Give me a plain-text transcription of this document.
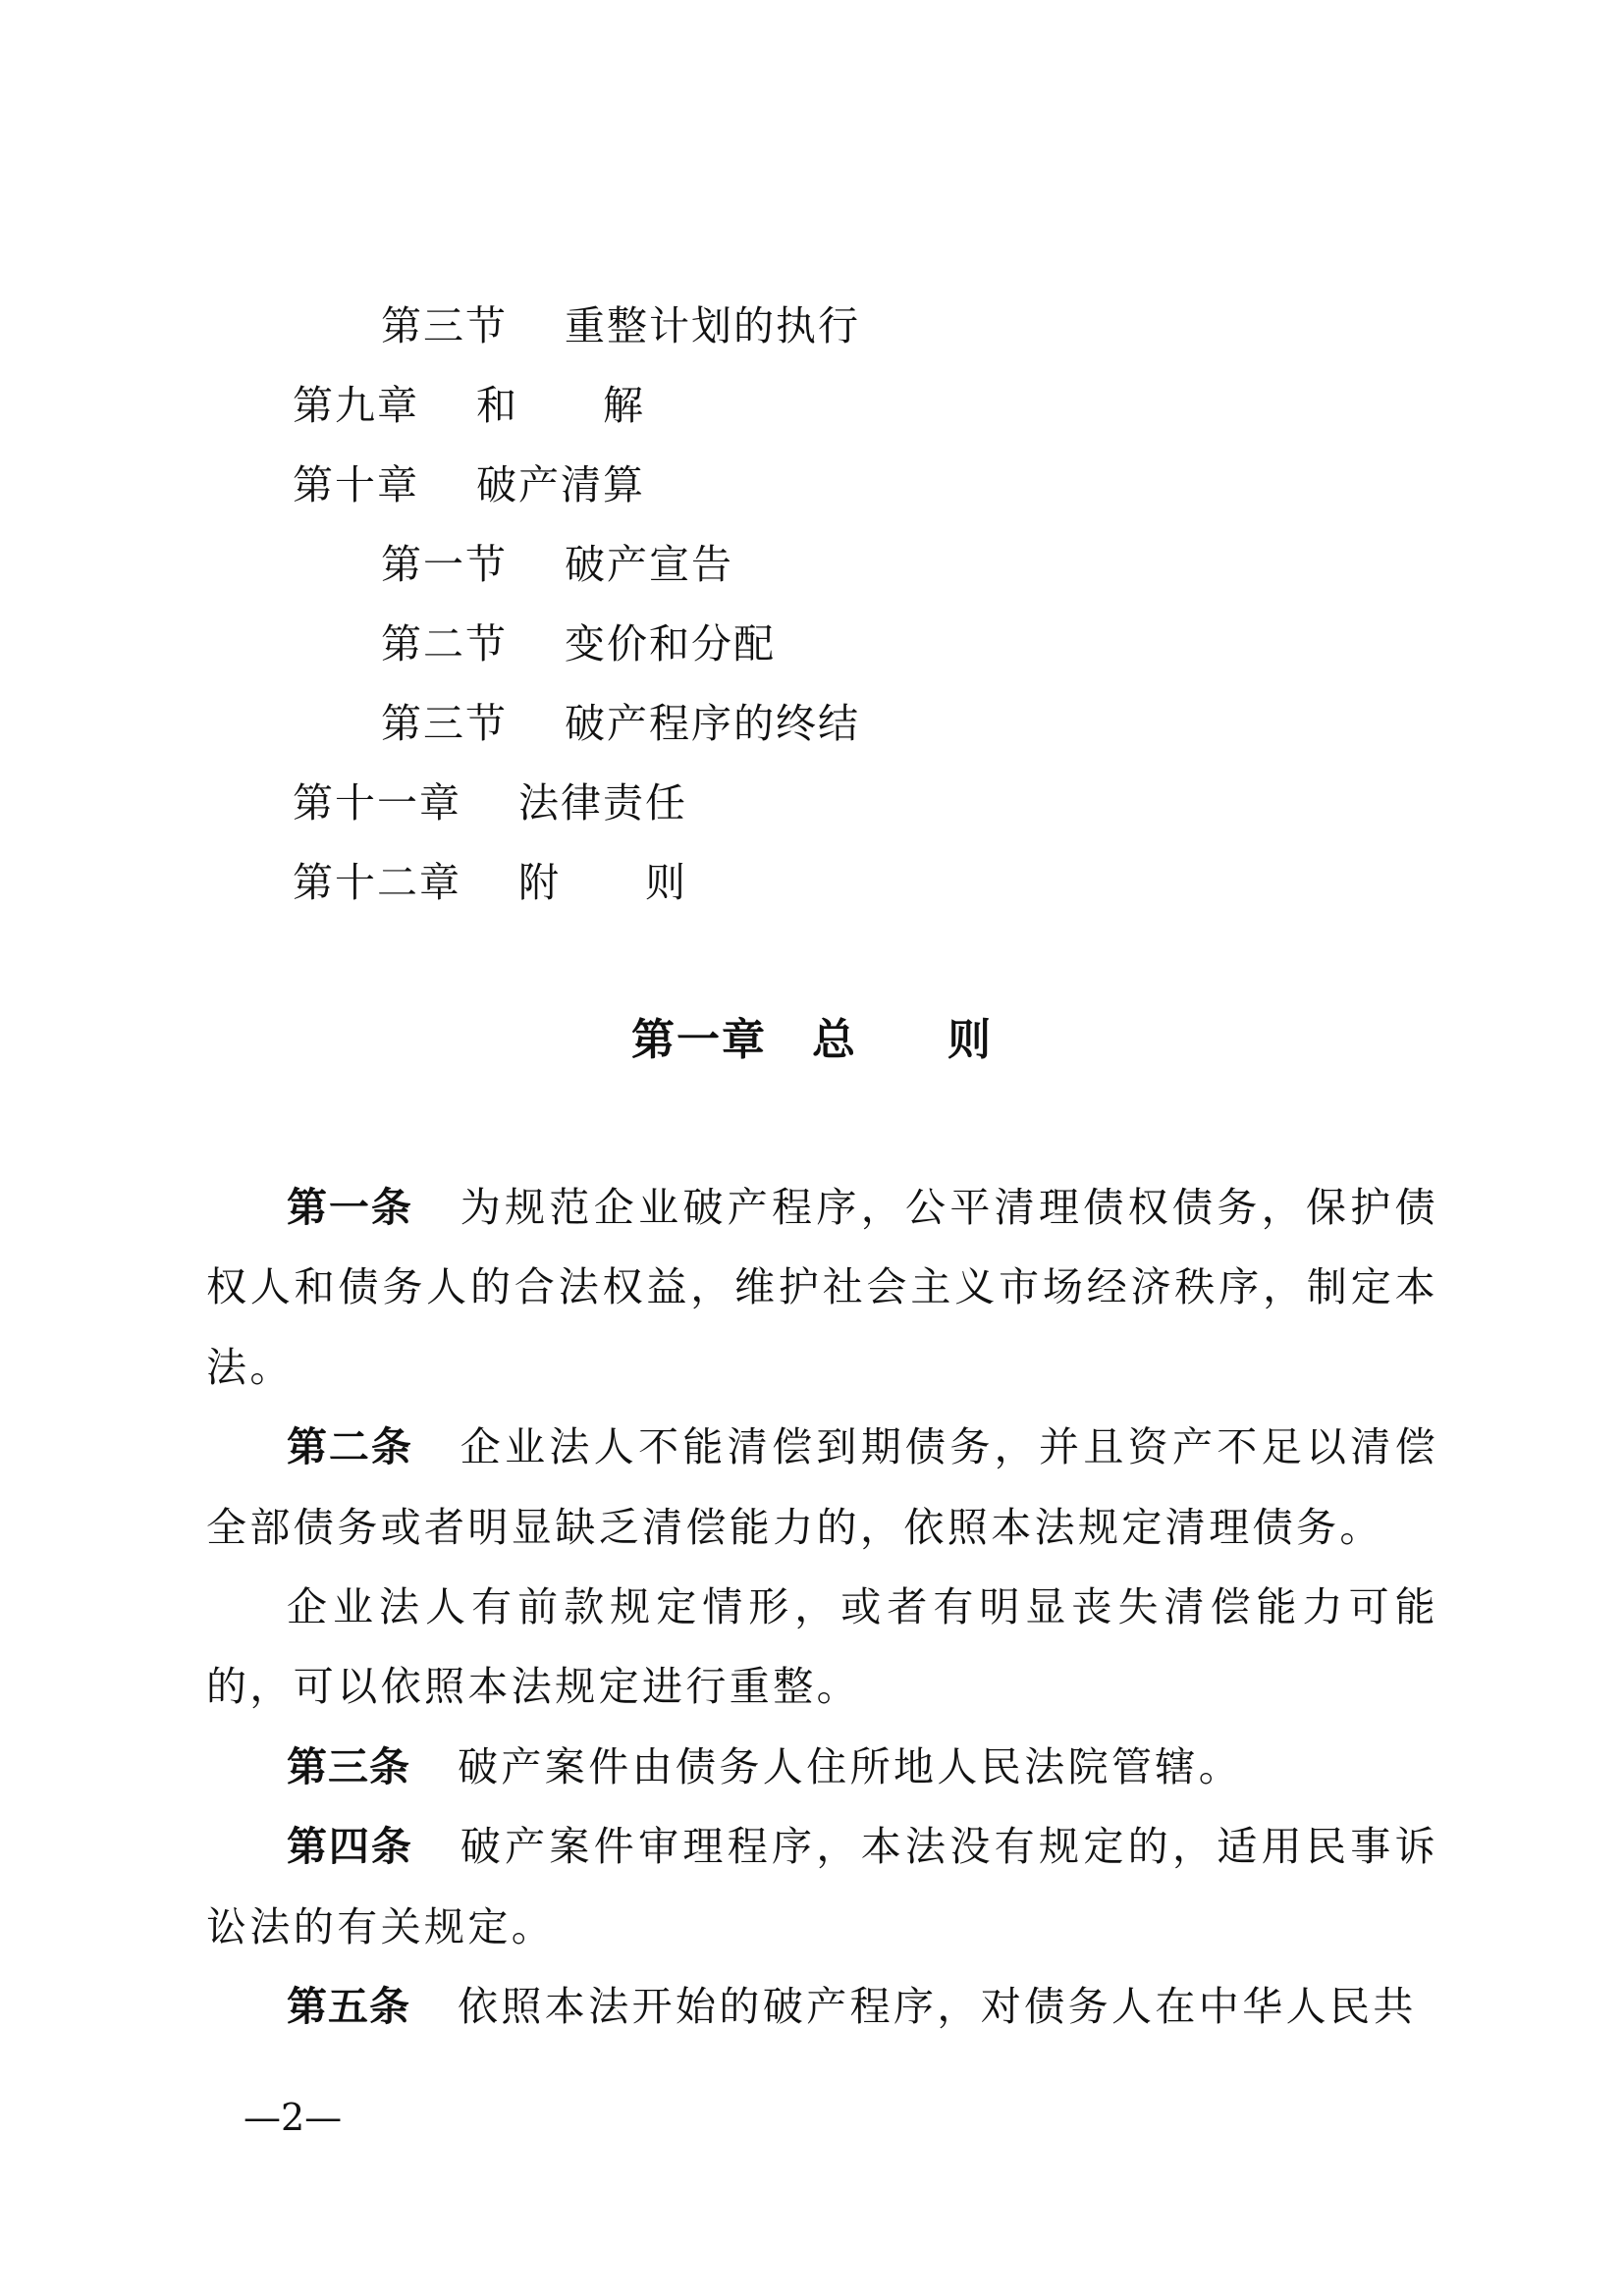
第三节　 重整计划的执行
第九章　 和　　解
第十章　 破产清算
第一节　 破产宣告
第二节　 变价和分配
第三节　 破产程序的终结
第十一章　 法律责任
第十二章　 附　　则
第一章　 总　　则

第一条 为规范企业破产程序，公平清理债权债务，保护债权人和债务人的合法权益，维护社会主义市场经济秩序，制定本法。

第二条 企业法人不能清偿到期债务，并且资产不足以清偿全部债务或者明显缺乏清偿能力的，依照本法规定清理债务。

企业法人有前款规定情形，或者有明显丧失清偿能力可能的，可以依照本法规定进行重整。

第三条 破产案件由债务人住所地人民法院管辖。

第四条 破产案件审理程序，本法没有规定的，适用民事诉讼法的有关规定。

第五条 依照本法开始的破产程序，对债务人在中华人民共

—2—
